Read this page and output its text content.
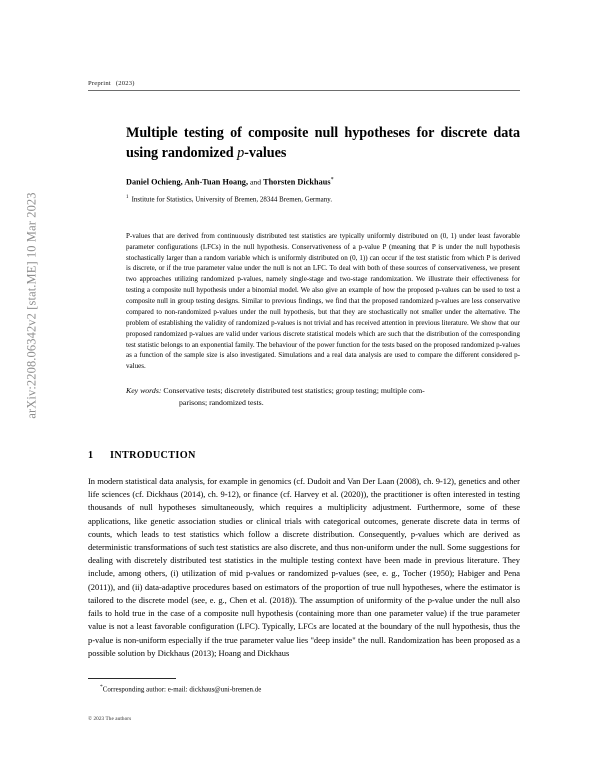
arXiv:2208.06342v2 [stat.ME] 10 Mar 2023
Preprint (2023)
Multiple testing of composite null hypotheses for discrete data using randomized p-values
Daniel Ochieng, Anh-Tuan Hoang, and Thorsten Dickhaus*
$^1$ Institute for Statistics, University of Bremen, 28344 Bremen, Germany.
P-values that are derived from continuously distributed test statistics are typically uniformly distributed on (0, 1) under least favorable parameter configurations (LFCs) in the null hypothesis. Conservativeness of a p-value P (meaning that P is under the null hypothesis stochastically larger than a random variable which is uniformly distributed on (0, 1)) can occur if the test statistic from which P is derived is discrete, or if the true parameter value under the null is not an LFC. To deal with both of these sources of conservativeness, we present two approaches utilizing randomized p-values, namely single-stage and two-stage randomization. We illustrate their effectiveness for testing a composite null hypothesis under a binomial model. We also give an example of how the proposed p-values can be used to test a composite null in group testing designs. Similar to previous findings, we find that the proposed randomized p-values are less conservative compared to non-randomized p-values under the null hypothesis, but that they are stochastically not smaller under the alternative. The problem of establishing the validity of randomized p-values is not trivial and has received attention in previous literature. We show that our proposed randomized p-values are valid under various discrete statistical models which are such that the distribution of the corresponding test statistic belongs to an exponential family. The behaviour of the power function for the tests based on the proposed randomized p-values as a function of the sample size is also investigated. Simulations and a real data analysis are used to compare the different considered p-values.
Key words: Conservative tests; discretely distributed test statistics; group testing; multiple com-
parisons; randomized tests.
1 INTRODUCTION
In modern statistical data analysis, for example in genomics (cf. Dudoit and Van Der Laan (2008), ch. 9-12), genetics and other life sciences (cf. Dickhaus (2014), ch. 9-12), or finance (cf. Harvey et al. (2020)), the practitioner is often interested in testing thousands of null hypotheses simultaneously, which requires a multiplicity adjustment. Furthermore, some of these applications, like genetic association studies or clinical trials with categorical outcomes, generate discrete data in terms of counts, which leads to test statistics which follow a discrete distribution. Consequently, p-values which are derived as deterministic transformations of such test statistics are also discrete, and thus non-uniform under the null. Some suggestions for dealing with discretely distributed test statistics in the multiple testing context have been made in previous literature. They include, among others, (i) utilization of mid p-values or randomized p-values (see, e. g., Tocher (1950); Habiger and Pena (2011)), and (ii) data-adaptive procedures based on estimators of the proportion of true null hypotheses, where the estimator is tailored to the discrete model (see, e. g., Chen et al. (2018)). The assumption of uniformity of the p-value under the null also fails to hold true in the case of a composite null hypothesis (containing more than one parameter value) if the true parameter value is not a least favorable configuration (LFC). Typically, LFCs are located at the boundary of the null hypothesis, thus the p-value is non-uniform especially if the true parameter value lies "deep inside" the null. Randomization has been proposed as a possible solution by Dickhaus (2013); Hoang and Dickhaus
*Corresponding author: e-mail: dickhaus@uni-bremen.de
© 2023 The authors
